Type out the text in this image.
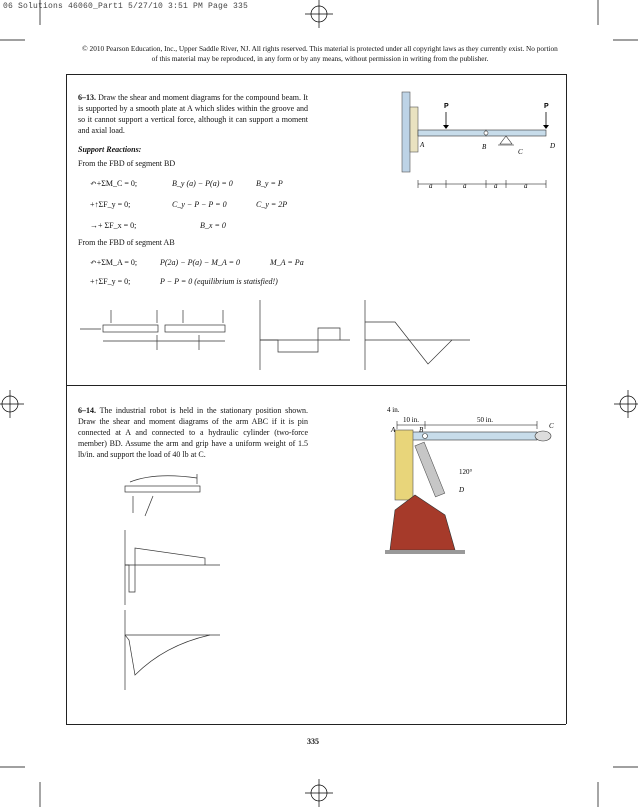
06 Solutions 46060_Part1 5/27/10 3:51 PM Page 335
© 2010 Pearson Education, Inc., Upper Saddle River, NJ. All rights reserved. This material is protected under all copyright laws as they currently exist. No portion of this material may be reproduced, in any form or by any means, without permission in writing from the publisher.
6–13. Draw the shear and moment diagrams for the compound beam. It is supported by a smooth plate at A which slides within the groove and so it cannot support a vertical force, although it can support a moment and axial load.
Support Reactions:
From the FBD of segment BD
↶+ΣM_C = 0;	B_y (a) − P(a) = 0	B_y = P
+↑ΣF_y = 0;	C_y − P − P = 0	C_y = 2P
→+ ΣF_x = 0;	B_x = 0
From the FBD of segment AB
↶+ΣM_A = 0;	P(2a) − P(a) − M_A = 0	M_A = Pa
+↑ΣF_y = 0;	P − P = 0 (equilibrium is statisfied!)
P	P
A	B
C
D
a	a	a	a
6–14. The industrial robot is held in the stationary position shown. Draw the shear and moment diagrams of the arm ABC if it is pin connected at A and connected to a hydraulic cylinder (two-force member) BD. Assume the arm and grip have a uniform weight of 1.5 lb/in. and support the load of 40 lb at C.
4 in.
10 in.	50 in.
A	B	C
D
120°
335
